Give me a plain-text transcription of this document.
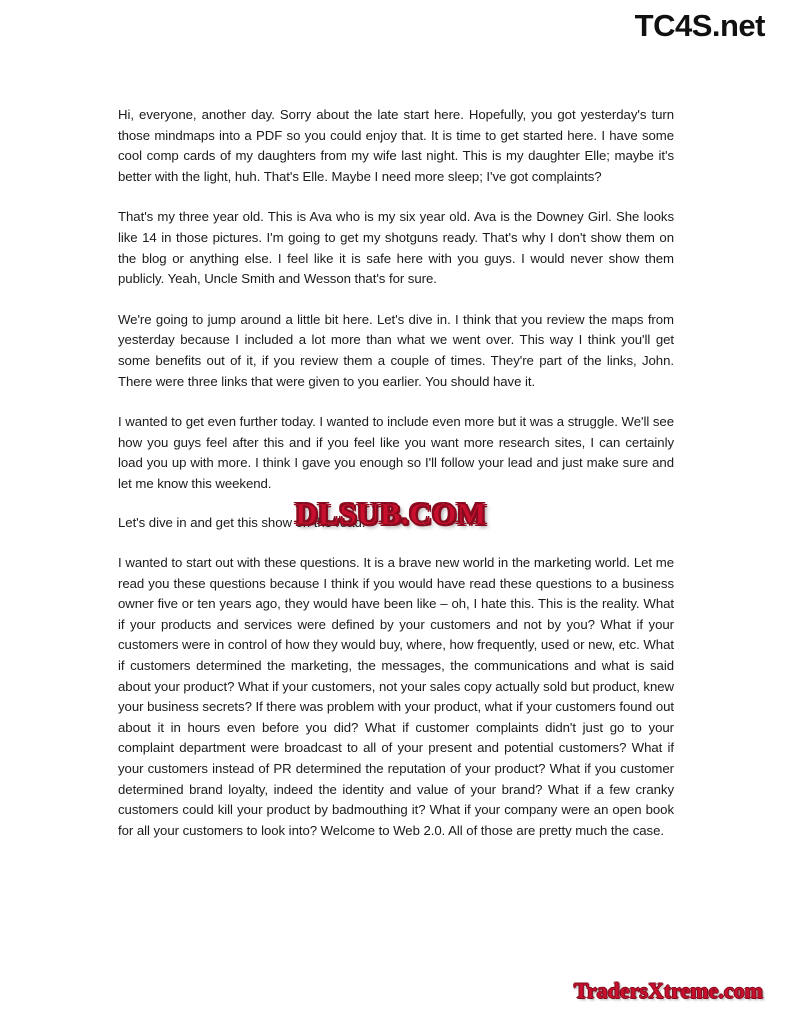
TC4S.net

Hi, everyone, another day. Sorry about the late start here. Hopefully, you got yesterday's turn those mindmaps into a PDF so you could enjoy that. It is time to get started here. I have some cool comp cards of my daughters from my wife last night. This is my daughter Elle; maybe it's better with the light, huh. That's Elle. Maybe I need more sleep; I've got complaints?

That's my three year old. This is Ava who is my six year old. Ava is the Downey Girl. She looks like 14 in those pictures. I'm going to get my shotguns ready. That's why I don't show them on the blog or anything else. I feel like it is safe here with you guys. I would never show them publicly. Yeah, Uncle Smith and Wesson that's for sure.

We're going to jump around a little bit here. Let's dive in. I think that you review the maps from yesterday because I included a lot more than what we went over. This way I think you'll get some benefits out of it, if you review them a couple of times. They're part of the links, John. There were three links that were given to you earlier. You should have it.

I wanted to get even further today. I wanted to include even more but it was a struggle. We'll see how you guys feel after this and if you feel like you want more research sites, I can certainly load you up with more. I think I gave you enough so I'll follow your lead and just make sure and let me know this weekend.

Let's dive in and get this show on the road.

I wanted to start out with these questions. It is a brave new world in the marketing world. Let me read you these questions because I think if you would have read these questions to a business owner five or ten years ago, they would have been like – oh, I hate this. This is the reality. What if your products and services were defined by your customers and not by you? What if your customers were in control of how they would buy, where, how frequently, used or new, etc. What if customers determined the marketing, the messages, the communications and what is said about your product? What if your customers, not your sales copy actually sold but product, knew your business secrets? If there was problem with your product, what if your customers found out about it in hours even before you did? What if customer complaints didn't just go to your complaint department were broadcast to all of your present and potential customers? What if your customers instead of PR determined the reputation of your product? What if you customer determined brand loyalty, indeed the identity and value of your brand? What if a few cranky customers could kill your product by badmouthing it? What if your company were an open book for all your customers to look into? Welcome to Web 2.0. All of those are pretty much the case.

DLSUB.COM
TradersXtreme.com
